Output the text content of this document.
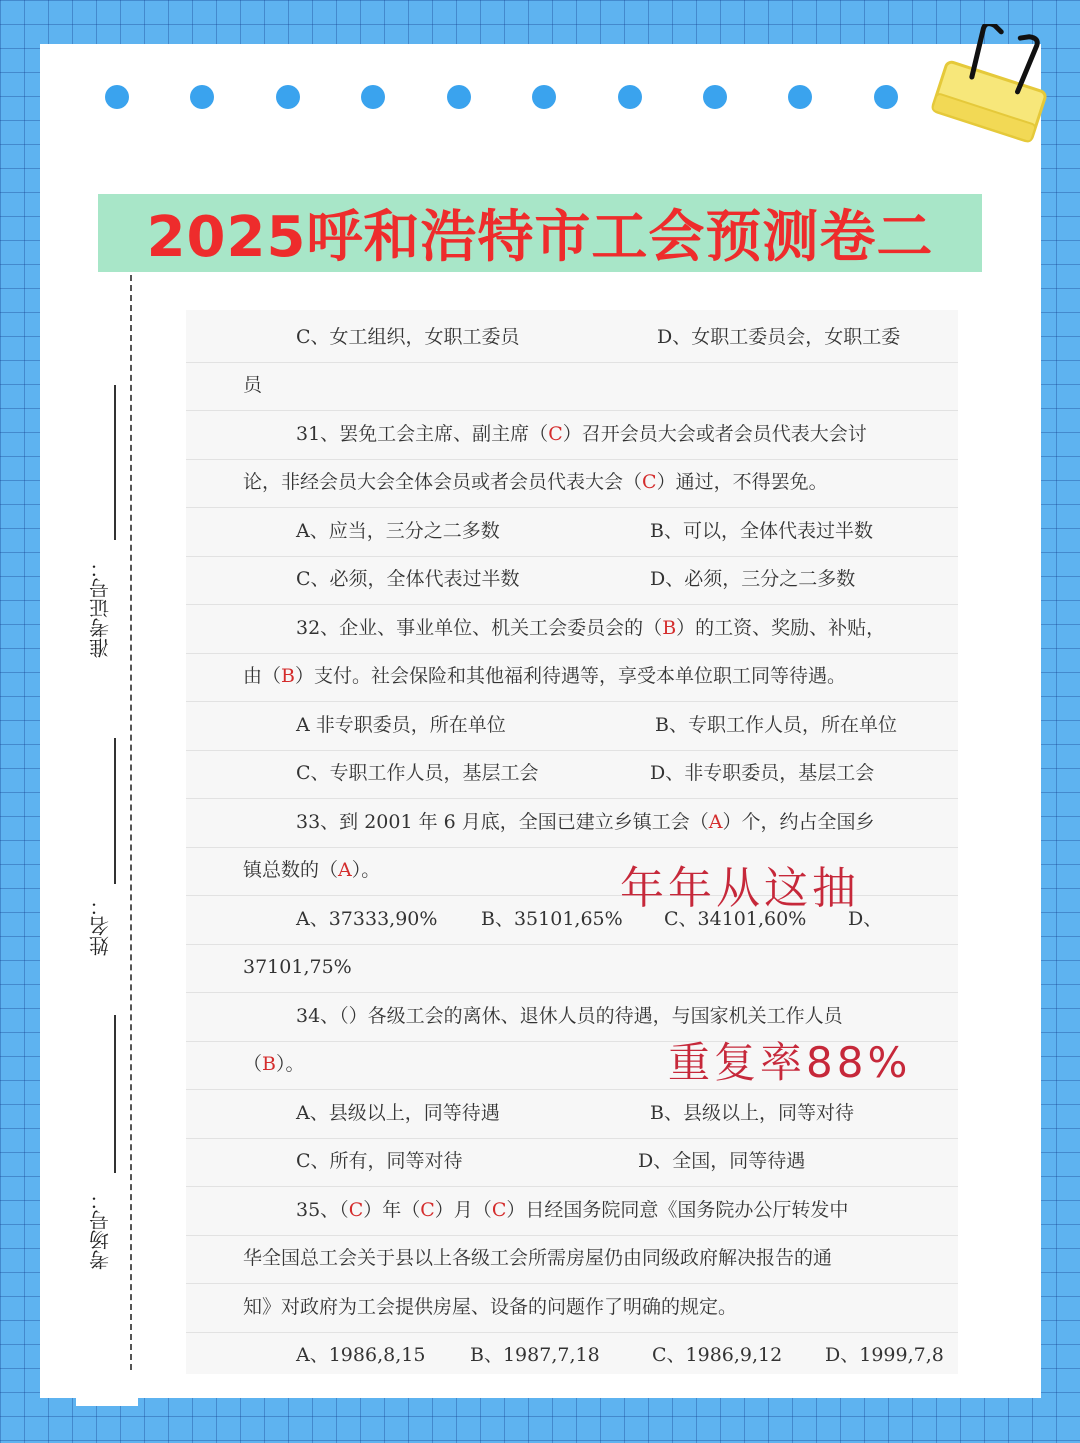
2025呼和浩特市工会预测卷二
准考证号：
姓名：
考场号：
C、女工组织，女职工委员	D、女职工委员会，女职工委
员
31、罢免工会主席、副主席（C）召开会员大会或者会员代表大会讨
论，非经会员大会全体会员或者会员代表大会（C）通过，不得罢免。
A、应当，三分之二多数	B、可以，全体代表过半数
C、必须，全体代表过半数	D、必须，三分之二多数
32、企业、事业单位、机关工会委员会的（B）的工资、奖励、补贴，
由（B）支付。社会保险和其他福利待遇等，享受本单位职工同等待遇。
A 非专职委员，所在单位	B、专职工作人员，所在单位
C、专职工作人员，基层工会	D、非专职委员，基层工会
33、到 2001 年 6 月底，全国已建立乡镇工会（A）个，约占全国乡
镇总数的（A）。
A、37333,90% B、35101,65% C、34101,60% D、
37101,75%
34、（）各级工会的离休、退休人员的待遇，与国家机关工作人员
（B）。
A、县级以上，同等待遇	B、县级以上，同等对待
C、所有，同等对待	D、全国，同等待遇
35、（C）年（C）月（C）日经国务院同意《国务院办公厅转发中
华全国总工会关于县以上各级工会所需房屋仍由同级政府解决报告的通
知》对政府为工会提供房屋、设备的问题作了明确的规定。
A、1986,8,15 B、1987,7,18	C、1986,9,12 D、1999,7,8
年年从这抽
重复率88%
